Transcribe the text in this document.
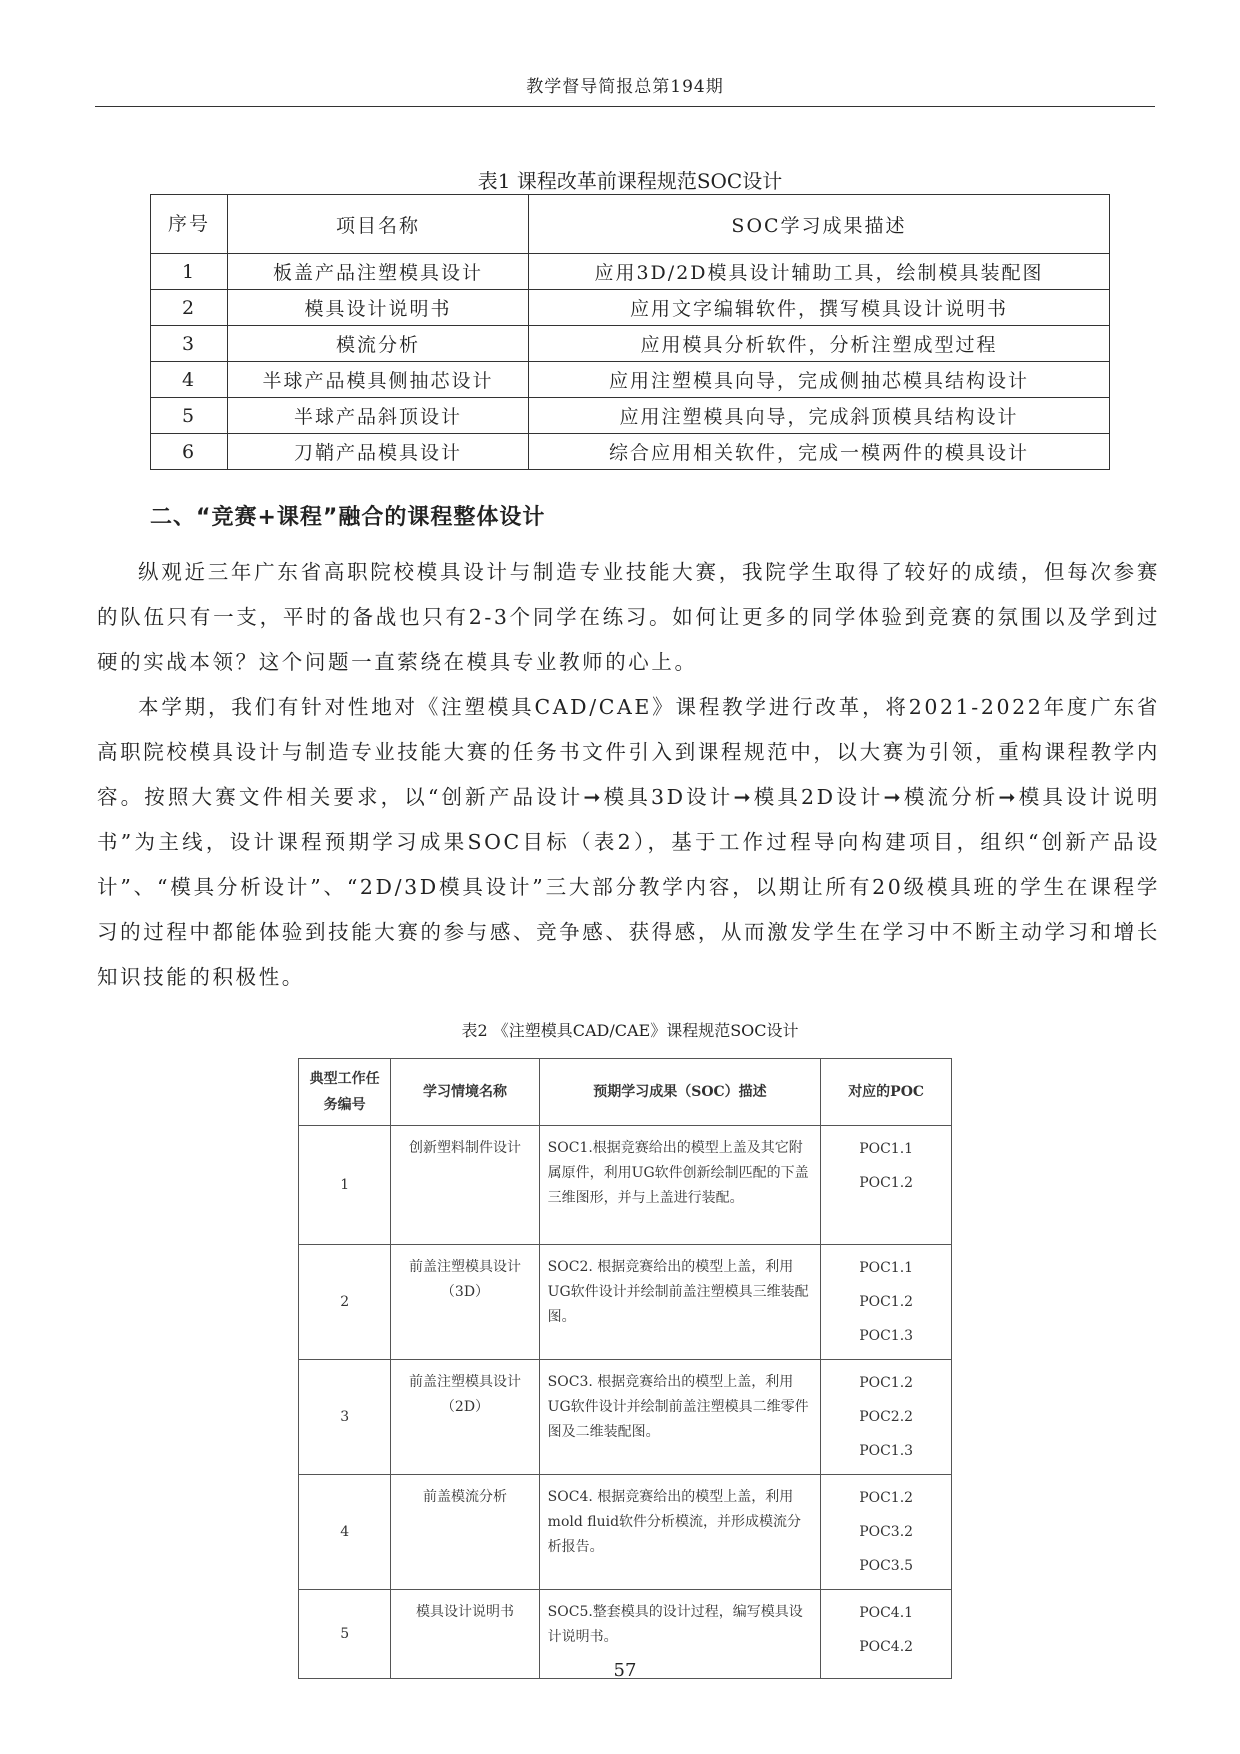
教学督导简报总第194期
表1 课程改革前课程规范SOC设计
序号	项目名称	SOC学习成果描述
1	板盖产品注塑模具设计	应用3D/2D模具设计辅助工具，绘制模具装配图
2	模具设计说明书	应用文字编辑软件，撰写模具设计说明书
3	模流分析	应用模具分析软件，分析注塑成型过程
4	半球产品模具侧抽芯设计	应用注塑模具向导，完成侧抽芯模具结构设计
5	半球产品斜顶设计	应用注塑模具向导，完成斜顶模具结构设计
6	刀鞘产品模具设计	综合应用相关软件，完成一模两件的模具设计
二、“竞赛+课程”融合的课程整体设计
纵观近三年广东省高职院校模具设计与制造专业技能大赛，我院学生取得了较好的成绩，但每次参赛的队伍只有一支，平时的备战也只有2-3个同学在练习。如何让更多的同学体验到竞赛的氛围以及学到过硬的实战本领？这个问题一直萦绕在模具专业教师的心上。
本学期，我们有针对性地对《注塑模具CAD/CAE》课程教学进行改革，将2021-2022年度广东省高职院校模具设计与制造专业技能大赛的任务书文件引入到课程规范中，以大赛为引领，重构课程教学内容。按照大赛文件相关要求，以“创新产品设计➞模具3D设计➞模具2D设计➞模流分析➞模具设计说明书”为主线，设计课程预期学习成果SOC目标（表2），基于工作过程导向构建项目，组织“创新产品设计”、“模具分析设计”、“2D/3D模具设计”三大部分教学内容，以期让所有20级模具班的学生在课程学习的过程中都能体验到技能大赛的参与感、竞争感、获得感，从而激发学生在学习中不断主动学习和增长知识技能的积极性。
表2 《注塑模具CAD/CAE》课程规范SOC设计
典型工作任务编号	学习情境名称	预期学习成果（SOC）描述	对应的POC
1	创新塑料制件设计	SOC1.根据竞赛给出的模型上盖及其它附属原件，利用UG软件创新绘制匹配的下盖三维图形，并与上盖进行装配。	POC1.1
POC1.2

2	前盖注塑模具设计（3D）	SOC2. 根据竞赛给出的模型上盖，利用UG软件设计并绘制前盖注塑模具三维装配图。	POC1.1
POC1.2
POC1.3

3	前盖注塑模具设计（2D）	SOC3. 根据竞赛给出的模型上盖，利用UG软件设计并绘制前盖注塑模具二维零件图及二维装配图。	POC1.2
POC2.2
POC1.3

4	前盖模流分析	SOC4. 根据竞赛给出的模型上盖，利用mold fluid软件分析模流，并形成模流分析报告。	POC1.2
POC3.2
POC3.5

5	模具设计说明书	SOC5.整套模具的设计过程，编写模具设计说明书。	POC4.1
POC4.2
57
